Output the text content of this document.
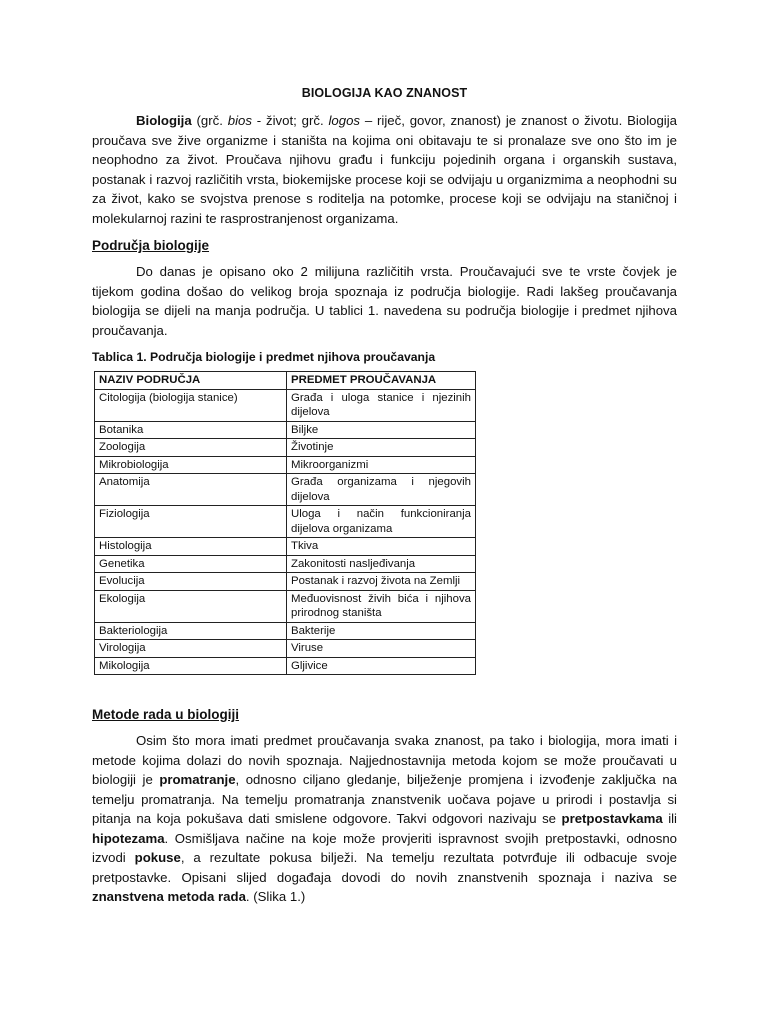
BIOLOGIJA KAO ZNANOST

Biologija (grč. bios - život; grč. logos – riječ, govor, znanost) je znanost o životu. Biologija proučava sve žive organizme i staništa na kojima oni obitavaju te si pronalaze sve ono što im je neophodno za život. Proučava njihovu građu i funkciju pojedinih organa i organskih sustava, postanak i razvoj različitih vrsta, biokemijske procese koji se odvijaju u organizmima a neophodni su za život, kako se svojstva prenose s roditelja na potomke, procese koji se odvijaju na staničnoj i molekularnoj razini te rasprostranjenost organizama.

Područja biologije

Do danas je opisano oko 2 milijuna različitih vrsta. Proučavajući sve te vrste čovjek je tijekom godina došao do velikog broja spoznaja iz područja biologije. Radi lakšeg proučavanja biologija se dijeli na manja područja. U tablici 1. navedena su područja biologije i predmet njihova proučavanja.

Tablica 1. Područja biologije i predmet njihova proučavanja
NAZIV PODRUČJA	PREDMET PROUČAVANJA
Citologija (biologija stanice)	Građa i uloga stanice i njezinih dijelova
Botanika	Biljke
Zoologija	Životinje
Mikrobiologija	Mikroorganizmi
Anatomija	Građa organizama i njegovih dijelova
Fiziologija	Uloga i način funkcioniranja dijelova organizama
Histologija	Tkiva
Genetika	Zakonitosti nasljeđivanja
Evolucija	Postanak i razvoj života na Zemlji
Ekologija	Međuovisnost živih bića i njihova prirodnog staništa
Bakteriologija	Bakterije
Virologija	Viruse
Mikologija	Gljivice
Metode rada u biologiji

Osim što mora imati predmet proučavanja svaka znanost, pa tako i biologija, mora imati i metode kojima dolazi do novih spoznaja. Najjednostavnija metoda kojom se može proučavati u biologiji je promatranje, odnosno ciljano gledanje, bilježenje promjena i izvođenje zaključka na temelju promatranja. Na temelju promatranja znanstvenik uočava pojave u prirodi i postavlja si pitanja na koja pokušava dati smislene odgovore. Takvi odgovori nazivaju se pretpostavkama ili hipotezama. Osmišljava načine na koje može provjeriti ispravnost svojih pretpostavki, odnosno izvodi pokuse, a rezultate pokusa bilježi. Na temelju rezultata potvrđuje ili odbacuje svoje pretpostavke. Opisani slijed događaja dovodi do novih znanstvenih spoznaja i naziva se znanstvena metoda rada. (Slika 1.)
